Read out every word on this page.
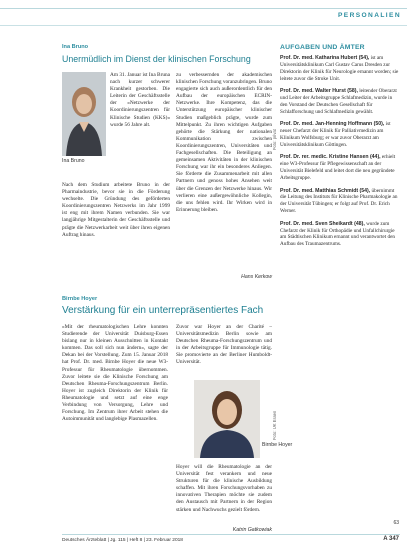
PERSONALIEN
Ina Bruno
Unermüdlich im Dienst der klinischen Forschung
Ina Bruno
Am 31. Januar ist Ina Bruna nach kurzer schwerer Krankheit gestorben. Die Leiterin der Geschäftsstelle der »Netzwerke der Koordinierungszentren für Klinische Studien (KKS)« wurde 56 Jahre alt.
Nach dem Studium arbeitete Bruno in der Pharmaindustrie, bevor sie in die Förderung wechselte. Die Gründung des geförderten Koordinierungszentren Netzwerks im Jahr 1999 ist eng mit ihrem Namen verbunden. Sie war langjährige Mitgestalterin der Geschäftsstelle und prägte die Netzwerkarbeit weit über ihren eigenen Auftrag hinaus.
zu verbessernden der akademischen klinischen Forschung voranzubringen. Bruno engagierte sich auch außerordentlich für den Aufbau der europäischen ECRIN-Netzwerke. Ihre Kompetenz, das die Unterstützung europäischer klinischer Studien maßgeblich prägte, wurde zum Mittelpunkt. Zu ihren wichtigen Aufgaben gehörte die Stärkung der nationalen Kommunikation zwischen Koordinierungszentren, Universitäten und Fachgesellschaften. Die Beteiligung an gemeinsamen Aktivitäten in der klinischen Forschung war ihr ein besonderes Anliegen. Sie förderte die Zusammenarbeit mit allen Partnern und genoss hohes Ansehen weit über die Grenzen der Netzwerke hinaus. Wir verlieren eine außergewöhnliche Kollegin, die uns fehlen wird. Ihr Wirken wird in Erinnerung bleiben.
Hans Kerkow
Foto: privat
Birnbe Hoyer
Verstärkung für ein unterrepräsentiertes Fach
»Mit der rheumatologischen Lehre konnten Studierende der Universität Duisburg-Essen bislang nur in kleinen Ausschnitten in Kontakt kommen. Das soll sich nun ändern«, sagte der Dekan bei der Vorstellung. Zum 15. Januar 2018 hat Prof. Dr. med. Birnbe Hoyer die neue W3-Professur für Rheumatologie übernommen. Zuvor leitete sie die Klinische Forschung am Deutschen Rheuma-Forschungszentrum Berlin. Hoyer ist zugleich Direktorin der Klinik für Rheumatologie und setzt auf eine enge Verbindung von Versorgung, Lehre und Forschung. Im Zentrum ihrer Arbeit stehen die Autoimmunität und langlebige Plasmazellen.
Zuvor war Hoyer an der Charité – Universitätsmedizin Berlin sowie am Deutschen Rheuma-Forschungszentrum und in der Arbeitsgruppe für Immunologie tätig. Sie promovierte an der Berliner Humboldt-Universität.
Birnbe Hoyer
Foto: UK Essen
Hoyer will die Rheumatologie an der Universität fest verankern und neue Strukturen für die klinische Ausbildung schaffen. Mit ihren Forschungsvorhaben zu innovativen Therapien möchte sie zudem den Austausch mit Partnern in der Region stärken und Nachwuchs gezielt fördern.
Katrin Gatkowiak
AUFGABEN UND ÄMTER
Prof. Dr. med. Katharina Hubert (54), ist am Universitätsklinikum Carl Gustav Carus Dresden zur Direktorin der Klinik für Neurologie ernannt worden; sie leitete zuvor die Stroke Unit.
Prof. Dr. med. Walter Hurst (58), leitender Oberarzt und Leiter der Arbeitsgruppe Schlafmedizin, wurde in den Vorstand der Deutschen Gesellschaft für Schlafforschung und Schlafmedizin gewählt.
Prof. Dr. med. Jan-Henning Hoffmann (50), ist neuer Chefarzt der Klinik für Palliativmedizin am Klinikum Wolfsburg; er war zuvor Oberarzt am Universitätsklinikum Göttingen.
Prof. Dr. rer. medic. Kristine Hansen (44), erhielt eine W3-Professur für Pflegewissenschaft an der Universität Bielefeld und leitet dort die neu gegründete Arbeitsgruppe.
Prof. Dr. med. Matthias Schmidt (54), übernimmt die Leitung des Instituts für Klinische Pharmakologie an der Universität Tübingen; er folgt auf Prof. Dr. Erich Werner.
Prof. Dr. med. Sven Sheikardt (48), wurde zum Chefarzt der Klinik für Orthopädie und Unfallchirurgie am Städtischen Klinikum ernannt und verantwortet den Aufbau des Traumazentrums.
63
Deutsches Ärzteblatt | Jg. 115 | Heft 8 | 23. Februar 2018	A 347
